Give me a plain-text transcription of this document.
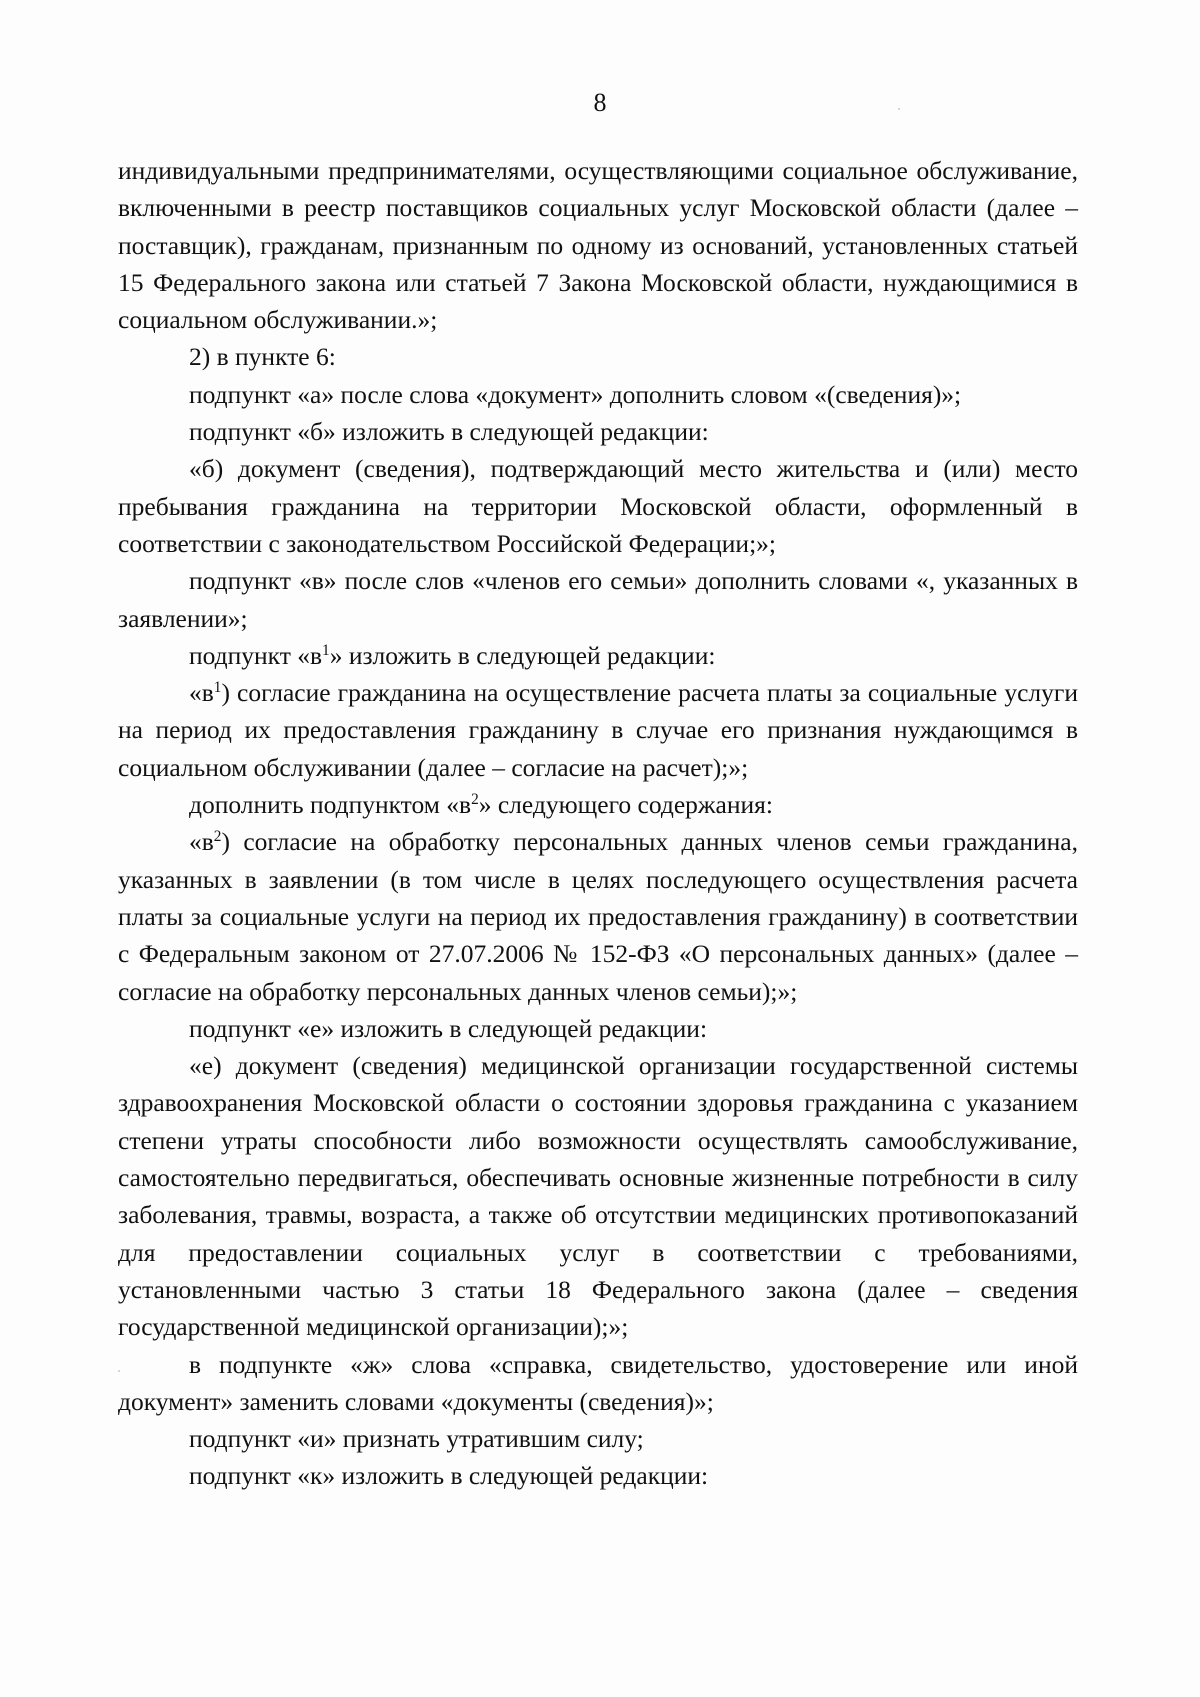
8

индивидуальными предпринимателями, осуществляющими социальное обслуживание, включенными в реестр поставщиков социальных услуг Московской области (далее – поставщик), гражданам, признанным по одному из оснований, установленных статьей 15 Федерального закона или статьей 7 Закона Московской области, нуждающимися в социальном обслуживании.»;

2) в пункте 6:

подпункт «а» после слова «документ» дополнить словом «(сведения)»;

подпункт «б» изложить в следующей редакции:

«б) документ (сведения), подтверждающий место жительства и (или) место пребывания гражданина на территории Московской области, оформленный в соответствии с законодательством Российской Федерации;»;

подпункт «в» после слов «членов его семьи» дополнить словами «, указанных в заявлении»;

подпункт «$в^1$» изложить в следующей редакции:

«$в^1$) согласие гражданина на осуществление расчета платы за социальные услуги на период их предоставления гражданину в случае его признания нуждающимся в социальном обслуживании (далее – согласие на расчет);»;

дополнить подпунктом «$в^2$» следующего содержания:

«$в^2$) согласие на обработку персональных данных членов семьи гражданина, указанных в заявлении (в том числе в целях последующего осуществления расчета платы за социальные услуги на период их предоставления гражданину) в соответствии с Федеральным законом от 27.07.2006 № 152-ФЗ «О персональных данных» (далее – согласие на обработку персональных данных членов семьи);»;

подпункт «е» изложить в следующей редакции:

«е) документ (сведения) медицинской организации государственной системы здравоохранения Московской области о состоянии здоровья гражданина с указанием степени утраты способности либо возможности осуществлять самообслуживание, самостоятельно передвигаться, обеспечивать основные жизненные потребности в силу заболевания, травмы, возраста, а также об отсутствии медицинских противопоказаний для предоставлении социальных услуг в соответствии с требованиями, установленными частью 3 статьи 18 Федерального закона (далее – сведения государственной медицинской организации);»;

в подпункте «ж» слова «справка, свидетельство, удостоверение или иной документ» заменить словами «документы (сведения)»;

подпункт «и» признать утратившим силу;

подпункт «к» изложить в следующей редакции:
